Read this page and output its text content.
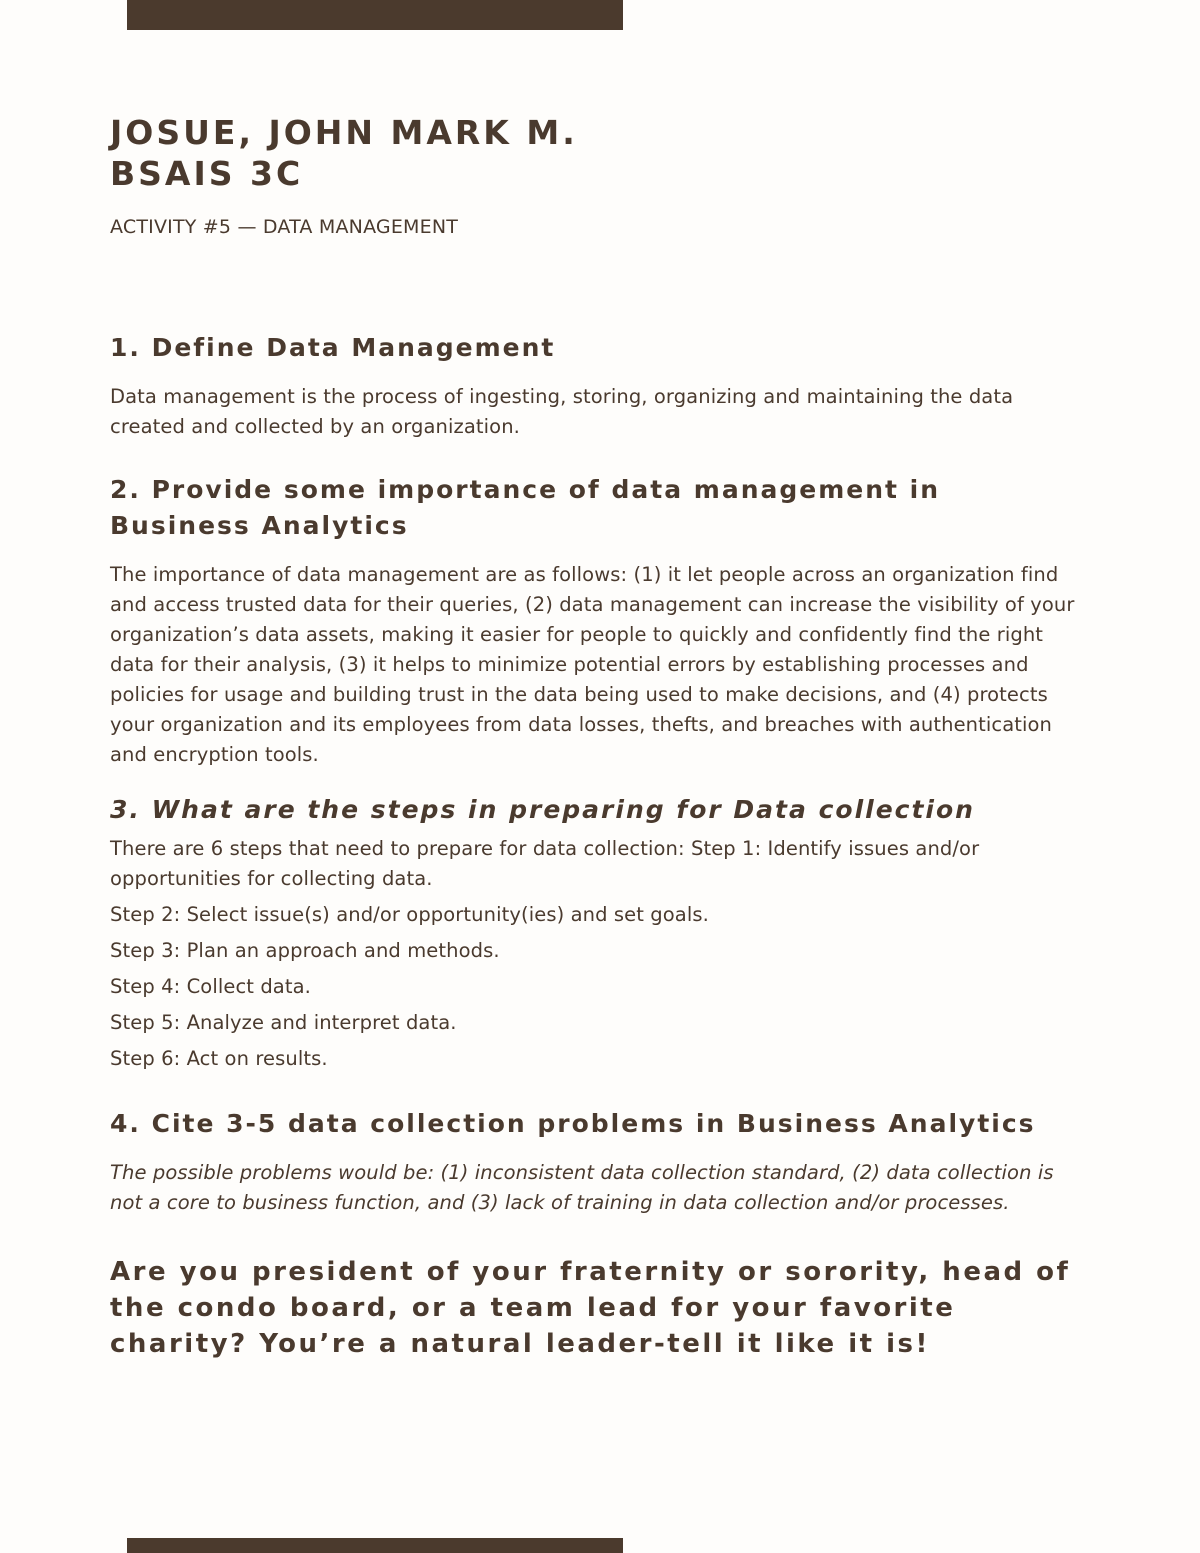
JOSUE, JOHN MARK M.
BSAIS 3C
ACTIVITY #5 — DATA MANAGEMENT
1. Define Data Management

Data management is the process of ingesting, storing, organizing and maintaining the data created and collected by an organization.

2. Provide some importance of data management in Business Analytics

The importance of data management are as follows: (1) it let people across an organization find and access trusted data for their queries, (2) data management can increase the visibility of your organization’s data assets, making it easier for people to quickly and confidently find the right data for their analysis, (3) it helps to minimize potential errors by establishing processes and policies for usage and building trust in the data being used to make decisions, and (4) protects your organization and its employees from data losses, thefts, and breaches with authentication and encryption tools.

3. What are the steps in preparing for Data collection

There are 6 steps that need to prepare for data collection: Step 1: Identify issues and/or opportunities for collecting data.

Step 2: Select issue(s) and/or opportunity(ies) and set goals.

Step 3: Plan an approach and methods.

Step 4: Collect data.

Step 5: Analyze and interpret data.

Step 6: Act on results.

4. Cite 3-5 data collection problems in Business Analytics

The possible problems would be: (1) inconsistent data collection standard, (2) data collection is not a core to business function, and (3) lack of training in data collection and/or processes.

Are you president of your fraternity or sorority, head of the condo board, or a team lead for your favorite charity? You’re a natural leader-tell it like it is!
